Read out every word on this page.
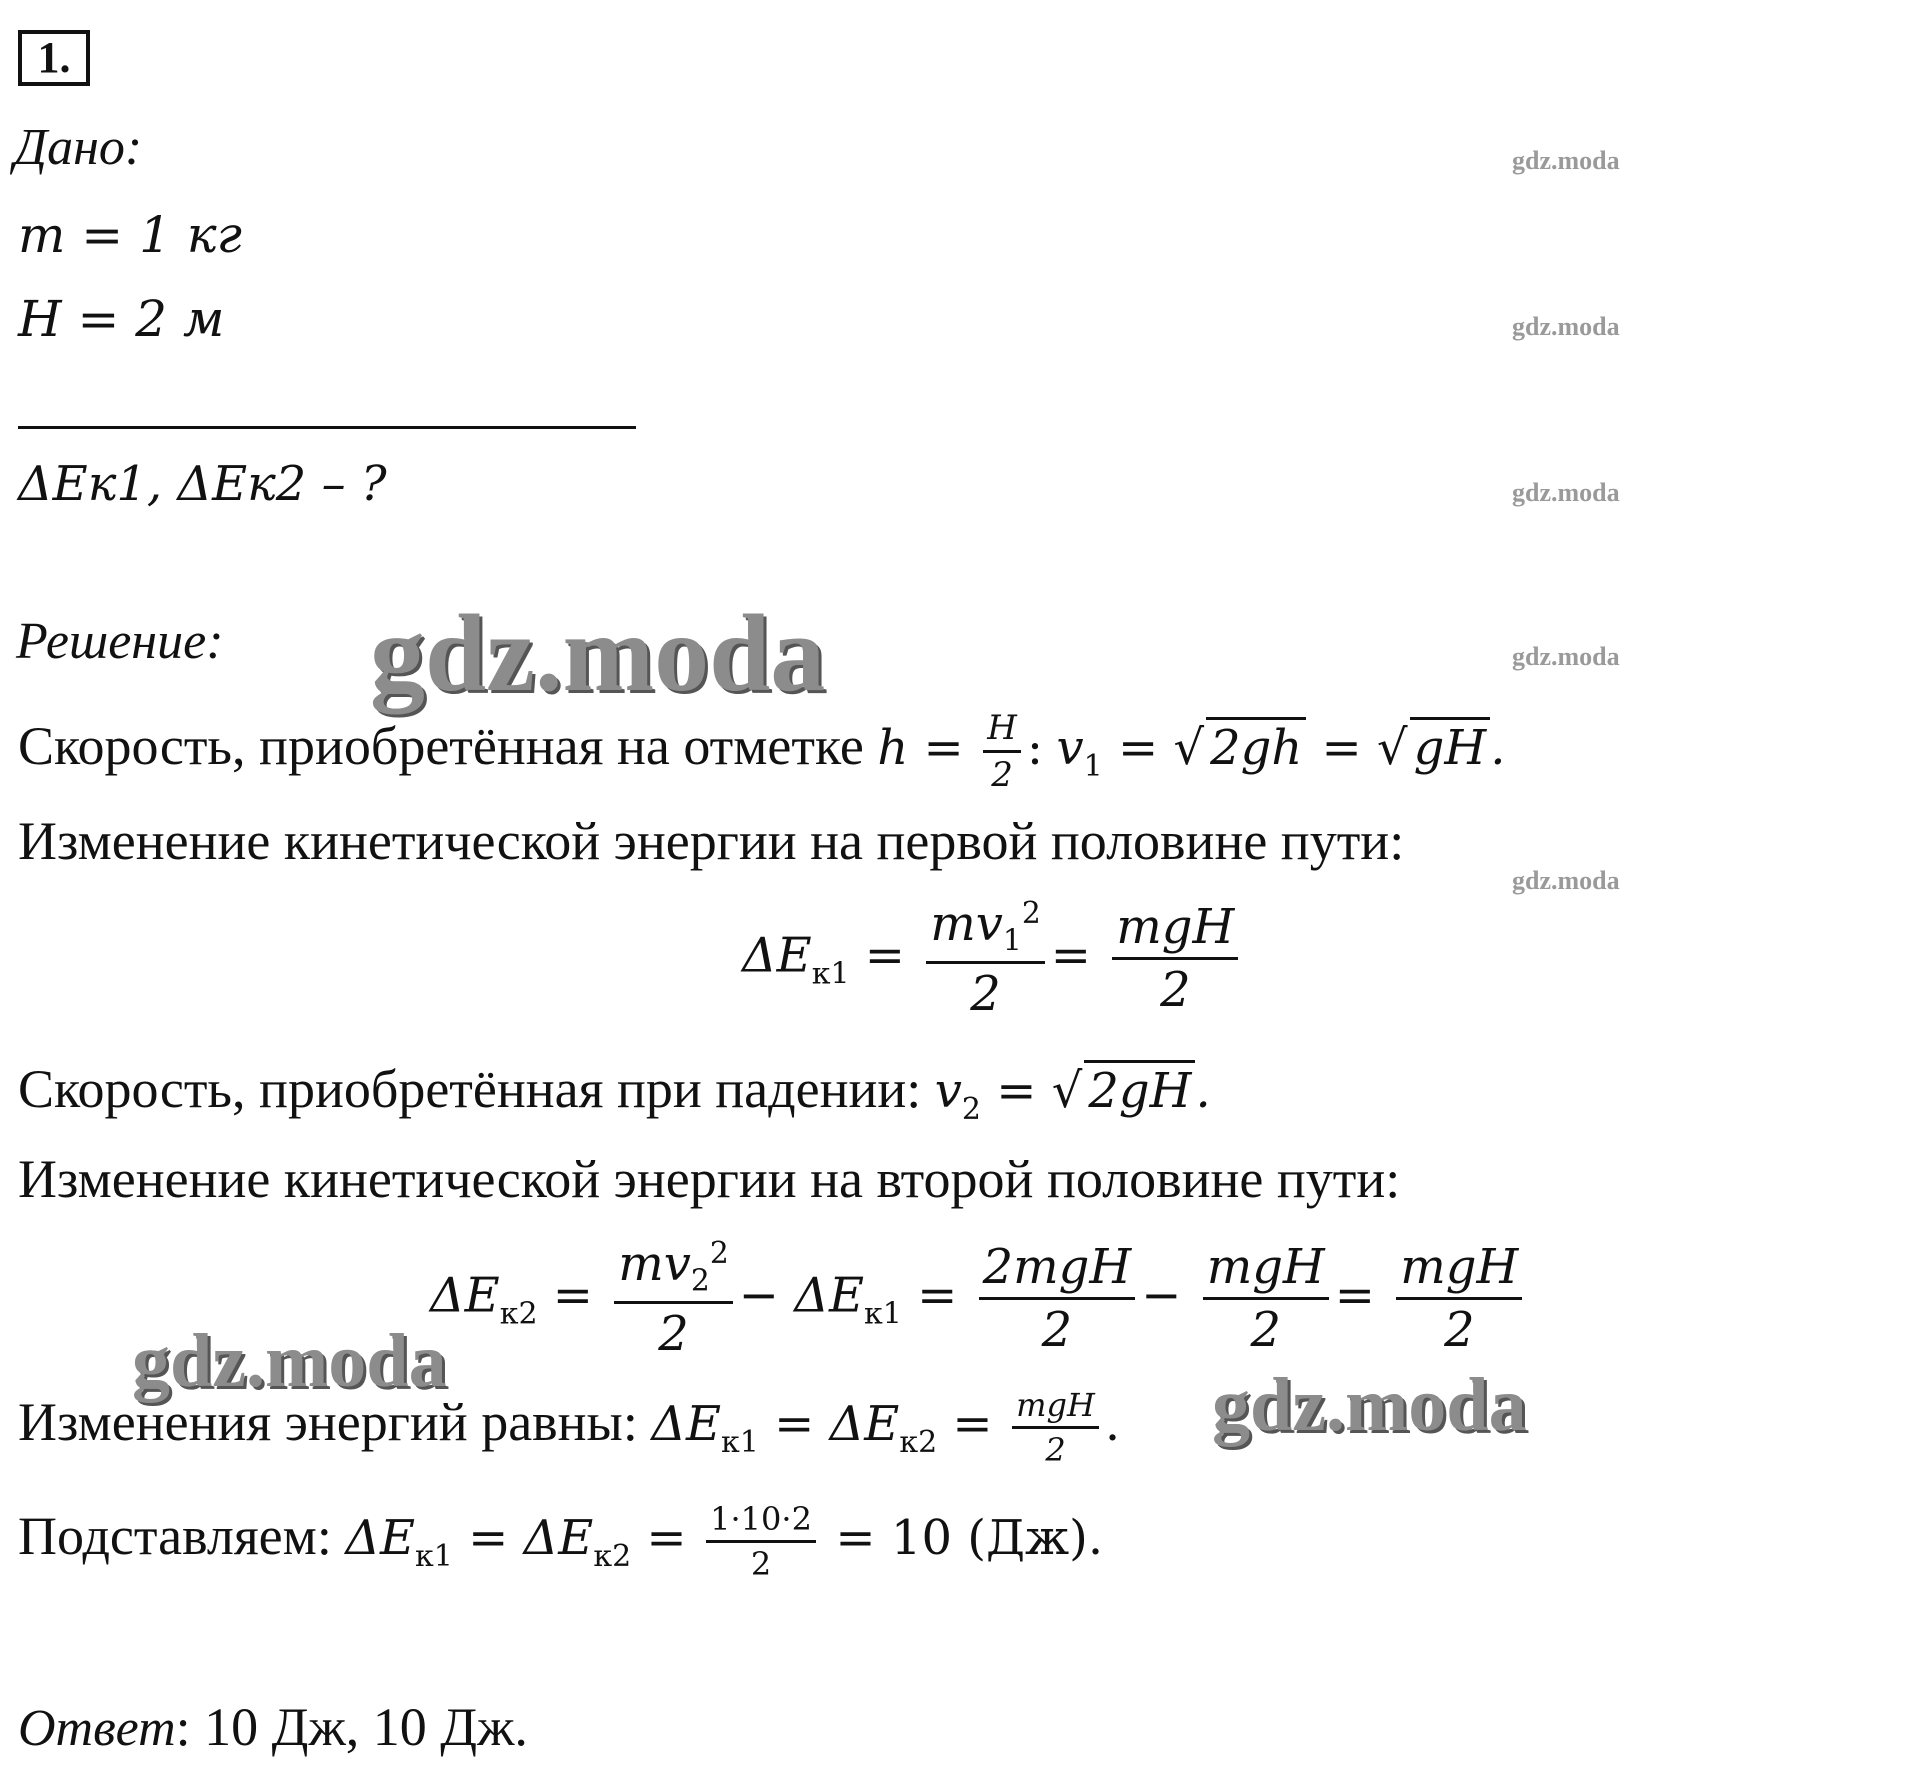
1.
Дано:
m = 1 кг
H = 2 м
ΔEк1, ΔEк2 – ?
Решение:
Скорость, приобретённая на отметке $h = \frac{H}{2}$ : $v_1$ = √ 2gh = √ gH.
Изменение кинетической энергии на первой половине пути:
$\Delta E_{к1} = \frac{mv_1^2}{2} = \frac{\text{mgH}}{2}$
Скорость, приобретённая при падении: $v_2$ = √ 2gH.
Изменение кинетической энергии на второй половине пути:
$\Delta E_{к2} = \frac{mv_2^2}{2} - \Delta E_{к1} = \frac{\text{2mgH}}{2} - \frac{\text{mgH}}{2} = \frac{\text{mgH}}{2}$
Изменения энергий равны: $\Delta E_{к1} = \Delta E_{к2} = \frac{\text{mgH}}{2}$ .
Подставляем: $\Delta E_{к1} = \Delta E_{к2} = \frac{1\cdot 10\cdot 2}{2} = 10$ (Дж).
Ответ: 10 Дж, 10 Дж.
gdz.moda
gdz.moda
gdz.moda
gdz.moda
gdz.moda
gdz.moda
gdz.moda
gdz.moda
